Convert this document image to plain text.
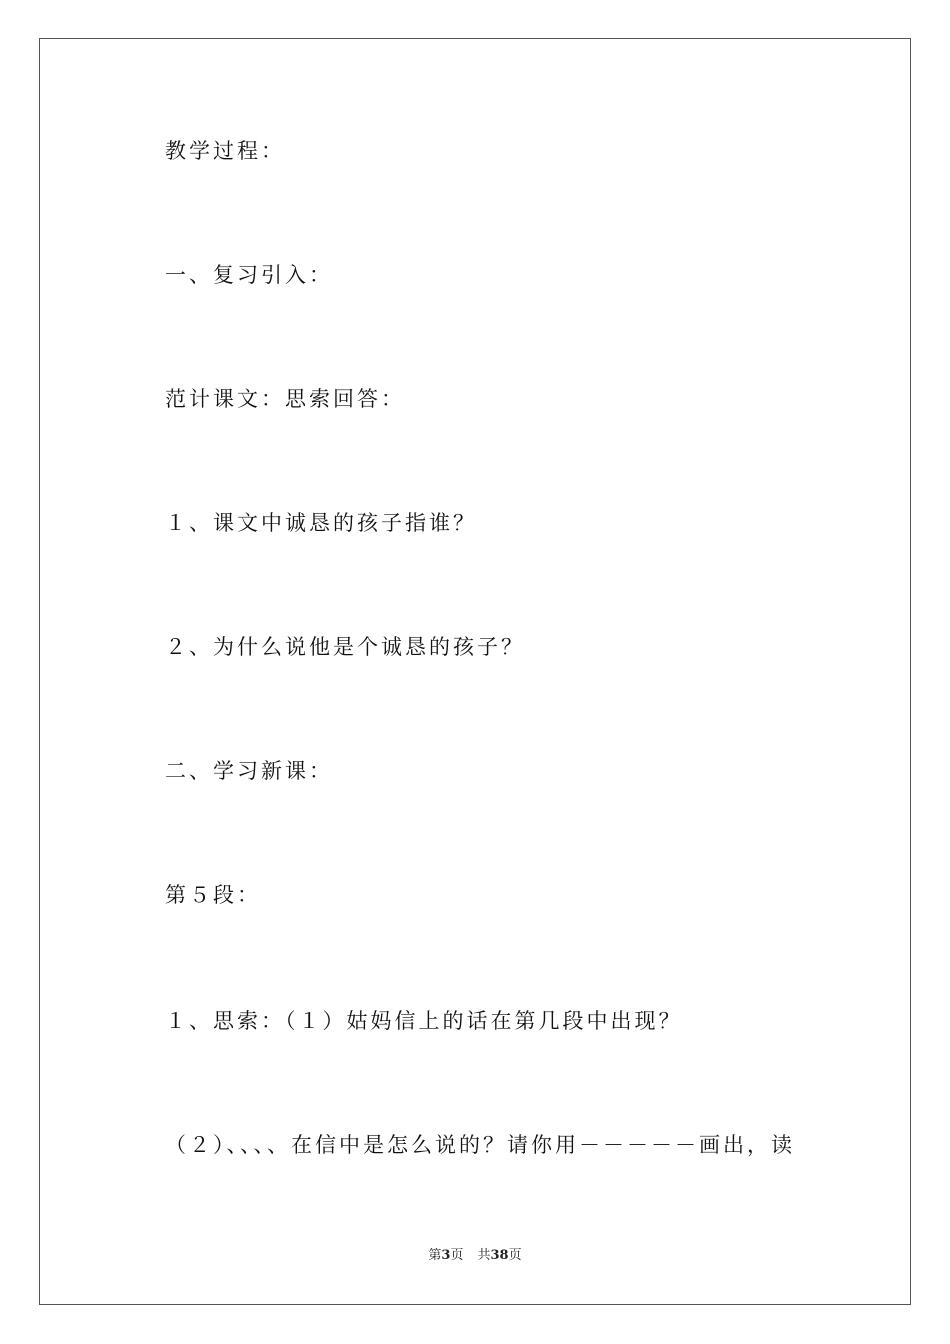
教学过程：
一、复习引入：
范计课文：思索回答：
１、课文中诚恳的孩子指谁？
２、为什么说他是个诚恳的孩子？
二、学习新课：
第５段：
１、思索：（１）姑妈信上的话在第几段中出现？
（２）、、、、在信中是怎么说的？请你用－－－－－画出，读
第3页 共38页
